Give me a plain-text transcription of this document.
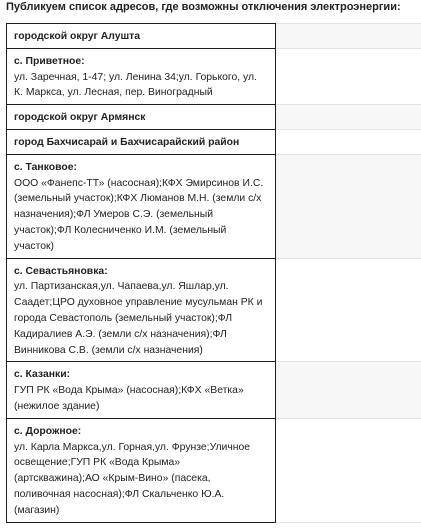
Публикуем список адресов, где возможны отключения электроэнергии:
городской округ Алушта	

с. Приветное:
ул. Заречная, 1-47; ул. Ленина 34;ул. Горького, ул. К. Маркса, ул. Лесная, пер. Виноградный	

городской округ Армянск	
город Бахчисарай и Бахчисарайский район	

с. Танковое:
ООО «Фанепс-ТТ» (насосная);КФХ Эмирсинов И.С. (земельный участок);КФХ Люманов М.Н. (земли с/х назначения);ФЛ Умеров С.Э. (земельный участок);ФЛ Колесниченко И.М. (земельный участок)	

с. Севастьяновка:
ул. Партизанская,ул. Чапаева,ул. Яшлар,ул. Саадет;ЦРО духовное управление мусульман РК и города Севастополь (земельный участок);ФЛ Кадиралиев А.Э. (земли с/х назначения);ФЛ Винникова С.В. (земли с/х назначения)	

с. Казанки:
ГУП РК «Вода Крыма» (насосная);КФХ «Ветка» (нежилое здание)	

с. Дорожное:
ул. Карла Маркса,ул. Горная,ул. Фрунзе;Уличное освещение;ГУП РК «Вода Крыма» (артскважина);АО «Крым-Вино» (пасека, поливочная насосная);ФЛ Скальченко Ю.А. (магазин)	
